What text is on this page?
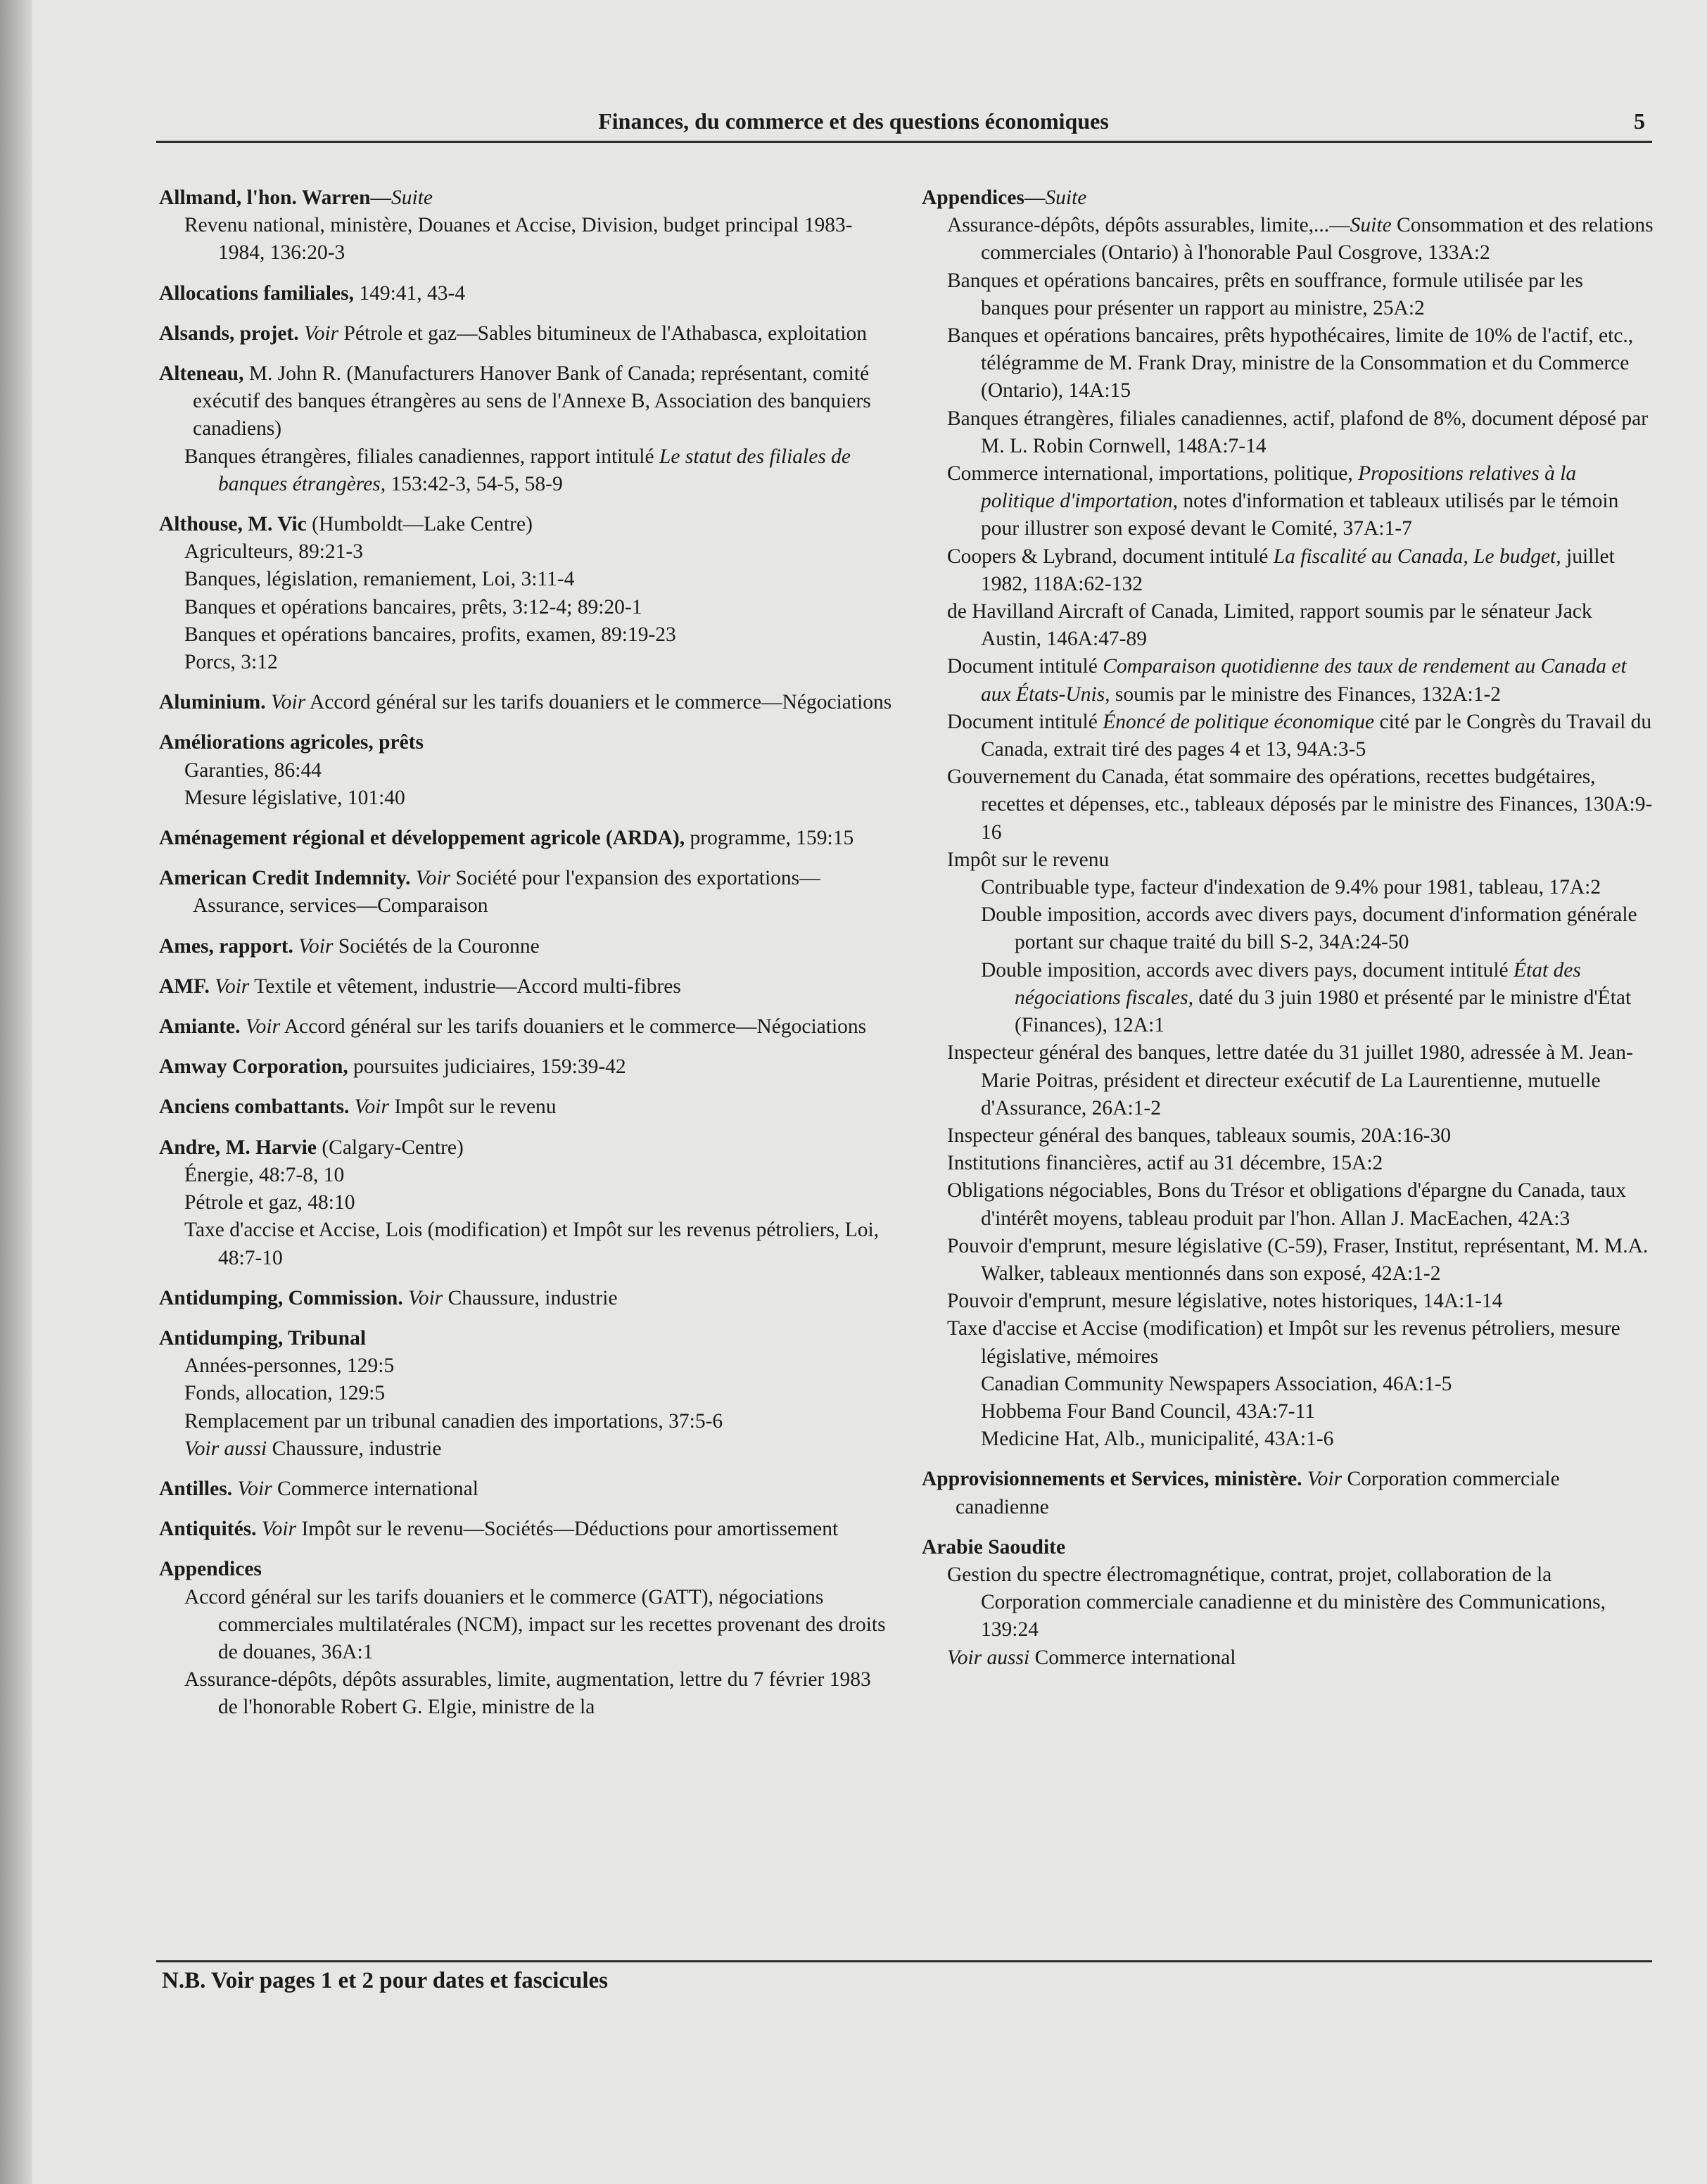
Finances, du commerce et des questions économiques	5
Allmand, l'hon. Warren—Suite
Revenu national, ministère, Douanes et Accise, Division, budget principal 1983-1984, 136:20-3
Allocations familiales, 149:41, 43-4
Alsands, projet. Voir Pétrole et gaz—Sables bitumineux de l'Athabasca, exploitation
Alteneau, M. John R. (Manufacturers Hanover Bank of Canada; représentant, comité exécutif des banques étrangères au sens de l'Annexe B, Association des banquiers canadiens)
Banques étrangères, filiales canadiennes, rapport intitulé Le statut des filiales de banques étrangères, 153:42-3, 54-5, 58-9
Althouse, M. Vic (Humboldt—Lake Centre)
Agriculteurs, 89:21-3
Banques, législation, remaniement, Loi, 3:11-4
Banques et opérations bancaires, prêts, 3:12-4; 89:20-1
Banques et opérations bancaires, profits, examen, 89:19-23
Porcs, 3:12
Aluminium. Voir Accord général sur les tarifs douaniers et le commerce—Négociations
Améliorations agricoles, prêts
Garanties, 86:44
Mesure législative, 101:40
Aménagement régional et développement agricole (ARDA), programme, 159:15
American Credit Indemnity. Voir Société pour l'expansion des exportations—Assurance, services—Comparaison
Ames, rapport. Voir Sociétés de la Couronne
AMF. Voir Textile et vêtement, industrie—Accord multi-fibres
Amiante. Voir Accord général sur les tarifs douaniers et le commerce—Négociations
Amway Corporation, poursuites judiciaires, 159:39-42
Anciens combattants. Voir Impôt sur le revenu
Andre, M. Harvie (Calgary-Centre)
Énergie, 48:7-8, 10
Pétrole et gaz, 48:10
Taxe d'accise et Accise, Lois (modification) et Impôt sur les revenus pétroliers, Loi, 48:7-10
Antidumping, Commission. Voir Chaussure, industrie
Antidumping, Tribunal
Années-personnes, 129:5
Fonds, allocation, 129:5
Remplacement par un tribunal canadien des importations, 37:5-6
Voir aussi Chaussure, industrie
Antilles. Voir Commerce international
Antiquités. Voir Impôt sur le revenu—Sociétés—Déductions pour amortissement
Appendices
Accord général sur les tarifs douaniers et le commerce (GATT), négociations commerciales multilatérales (NCM), impact sur les recettes provenant des droits de douanes, 36A:1
Assurance-dépôts, dépôts assurables, limite, augmentation, lettre du 7 février 1983 de l'honorable Robert G. Elgie, ministre de la
Appendices—Suite
Assurance-dépôts, dépôts assurables, limite,...—Suite Consommation et des relations commerciales (Ontario) à l'honorable Paul Cosgrove, 133A:2
Banques et opérations bancaires, prêts en souffrance, formule utilisée par les banques pour présenter un rapport au ministre, 25A:2
Banques et opérations bancaires, prêts hypothécaires, limite de 10% de l'actif, etc., télégramme de M. Frank Dray, ministre de la Consommation et du Commerce (Ontario), 14A:15
Banques étrangères, filiales canadiennes, actif, plafond de 8%, document déposé par M. L. Robin Cornwell, 148A:7-14
Commerce international, importations, politique, Propositions relatives à la politique d'importation, notes d'information et tableaux utilisés par le témoin pour illustrer son exposé devant le Comité, 37A:1-7
Coopers & Lybrand, document intitulé La fiscalité au Canada, Le budget, juillet 1982, 118A:62-132
de Havilland Aircraft of Canada, Limited, rapport soumis par le sénateur Jack Austin, 146A:47-89
Document intitulé Comparaison quotidienne des taux de rendement au Canada et aux États-Unis, soumis par le ministre des Finances, 132A:1-2
Document intitulé Énoncé de politique économique cité par le Congrès du Travail du Canada, extrait tiré des pages 4 et 13, 94A:3-5
Gouvernement du Canada, état sommaire des opérations, recettes budgétaires, recettes et dépenses, etc., tableaux déposés par le ministre des Finances, 130A:9-16
Impôt sur le revenu
Contribuable type, facteur d'indexation de 9.4% pour 1981, tableau, 17A:2
Double imposition, accords avec divers pays, document d'information générale portant sur chaque traité du bill S-2, 34A:24-50
Double imposition, accords avec divers pays, document intitulé État des négociations fiscales, daté du 3 juin 1980 et présenté par le ministre d'État (Finances), 12A:1
Inspecteur général des banques, lettre datée du 31 juillet 1980, adressée à M. Jean-Marie Poitras, président et directeur exécutif de La Laurentienne, mutuelle d'Assurance, 26A:1-2
Inspecteur général des banques, tableaux soumis, 20A:16-30
Institutions financières, actif au 31 décembre, 15A:2
Obligations négociables, Bons du Trésor et obligations d'épargne du Canada, taux d'intérêt moyens, tableau produit par l'hon. Allan J. MacEachen, 42A:3
Pouvoir d'emprunt, mesure législative (C-59), Fraser, Institut, représentant, M. M.A. Walker, tableaux mentionnés dans son exposé, 42A:1-2
Pouvoir d'emprunt, mesure législative, notes historiques, 14A:1-14
Taxe d'accise et Accise (modification) et Impôt sur les revenus pétroliers, mesure législative, mémoires
Canadian Community Newspapers Association, 46A:1-5
Hobbema Four Band Council, 43A:7-11
Medicine Hat, Alb., municipalité, 43A:1-6
Approvisionnements et Services, ministère. Voir Corporation commerciale canadienne
Arabie Saoudite
Gestion du spectre électromagnétique, contrat, projet, collaboration de la Corporation commerciale canadienne et du ministère des Communications, 139:24
Voir aussi Commerce international
N.B. Voir pages 1 et 2 pour dates et fascicules
